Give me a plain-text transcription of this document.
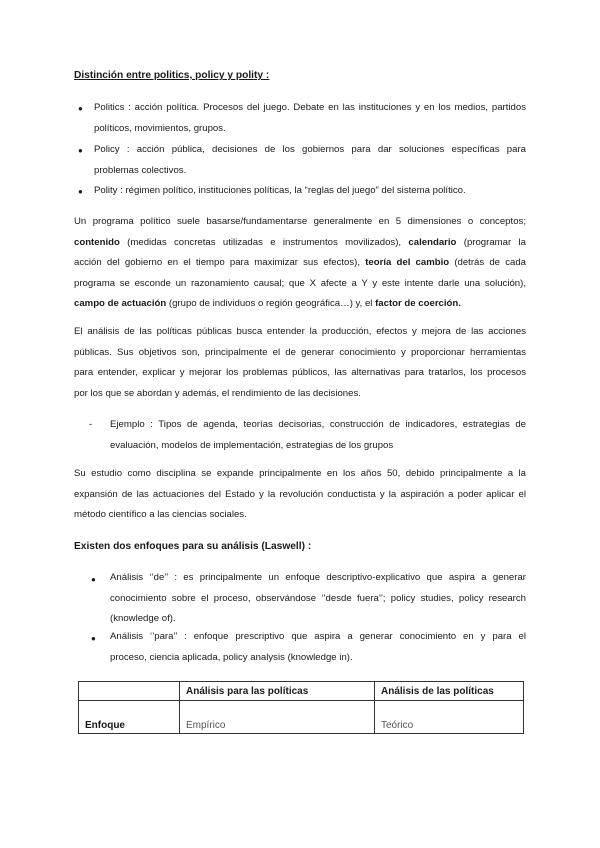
Distinción entre politics, policy y polity :
● Politics : acción política. Procesos del juego. Debate en las instituciones y en los medios, partidos
políticos, movimientos, grupos.
● Policy : acción pública, decisiones de los gobiernos para dar soluciones específicas para
problemas colectivos.
● Polity : régimen político, instituciones políticas, la “reglas del juego” del sistema político.
Un programa político suele basarse/fundamentarse generalmente en 5 dimensiones o conceptos;
contenido (medidas concretas utilizadas e instrumentos movilizados), calendario (programar la
acción del gobierno en el tiempo para maximizar sus efectos), teoría del cambio (detrás de cada
programa se esconde un razonamiento causal; que X afecte a Y y este intente darle una solución),
campo de actuación (grupo de individuos o región geográfica…) y, el factor de coerción.
El análisis de las políticas públicas busca entender la producción, efectos y mejora de las acciones
públicas. Sus objetivos son, principalmente el de generar conocimiento y proporcionar herramientas
para entender, explicar y mejorar los problemas públicos, las alternativas para tratarlos, los procesos
por los que se abordan y además, el rendimiento de las decisiones.
- Ejemplo : Tipos de agenda, teorías decisorias, construcción de indicadores, estrategias de
evaluación, modelos de implementación, estrategias de los grupos
Su estudio como disciplina se expande principalmente en los años 50, debido principalmente a la
expansión de las actuaciones del Estado y la revolución conductista y la aspiración a poder aplicar el
método científico a las ciencias sociales.
Existen dos enfoques para su análisis (Laswell) :
● Análisis ‘’de’’ : es principalmente un enfoque descriptivo-explicativo que aspira a generar
conocimiento sobre el proceso, observándose ‘’desde fuera’’; policy studies, policy research
(knowledge of).
● Análisis ‘’para’’ : enfoque prescriptivo que aspira a generar conocimiento en y para el
proceso, ciencia aplicada, policy analysis (knowledge in).
	Análisis para las políticas	Análisis de las políticas
Enfoque	Empírico	Teórico
